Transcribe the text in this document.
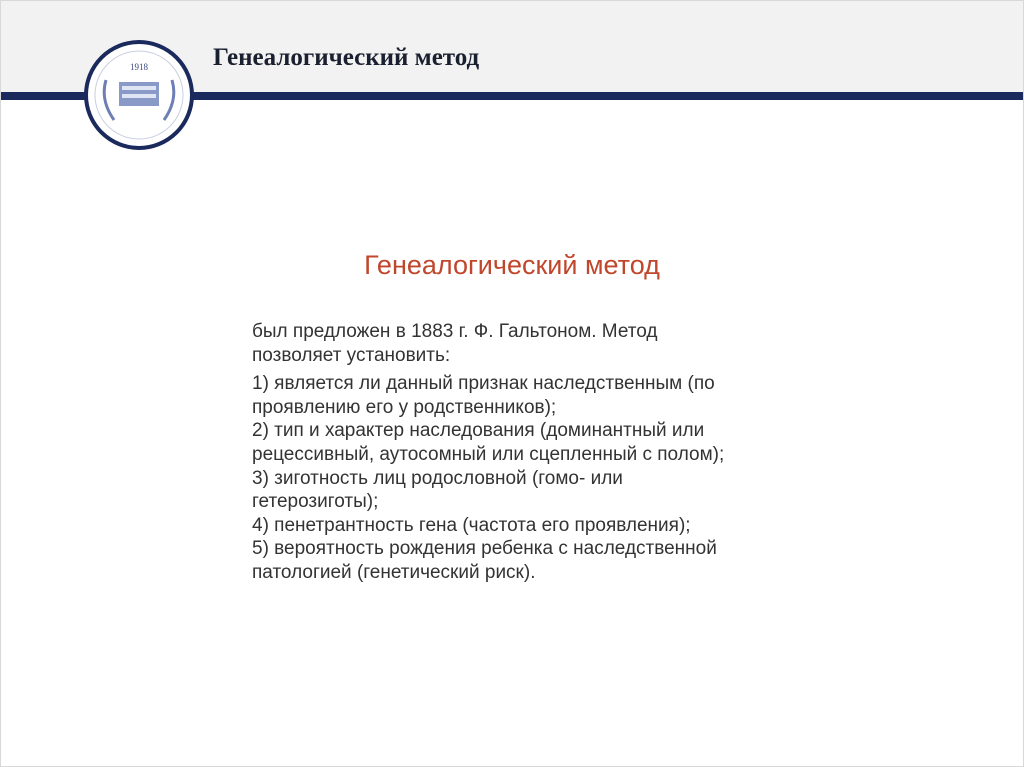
Генеалогический метод
1918
Генеалогический метод
был предложен в 1883 г. Ф. Гальтоном. Метод
позволяет установить:
1) является ли данный признак наследственным (по
проявлению его у родственников);
2) тип и характер наследования (доминантный или
рецессивный, аутосомный или сцепленный с полом);
3) зиготность лиц родословной (гомо- или
гетерозиготы);
4) пенетрантность гена (частота его проявления);
5) вероятность рождения ребенка с наследственной
патологией (генетический риск).
